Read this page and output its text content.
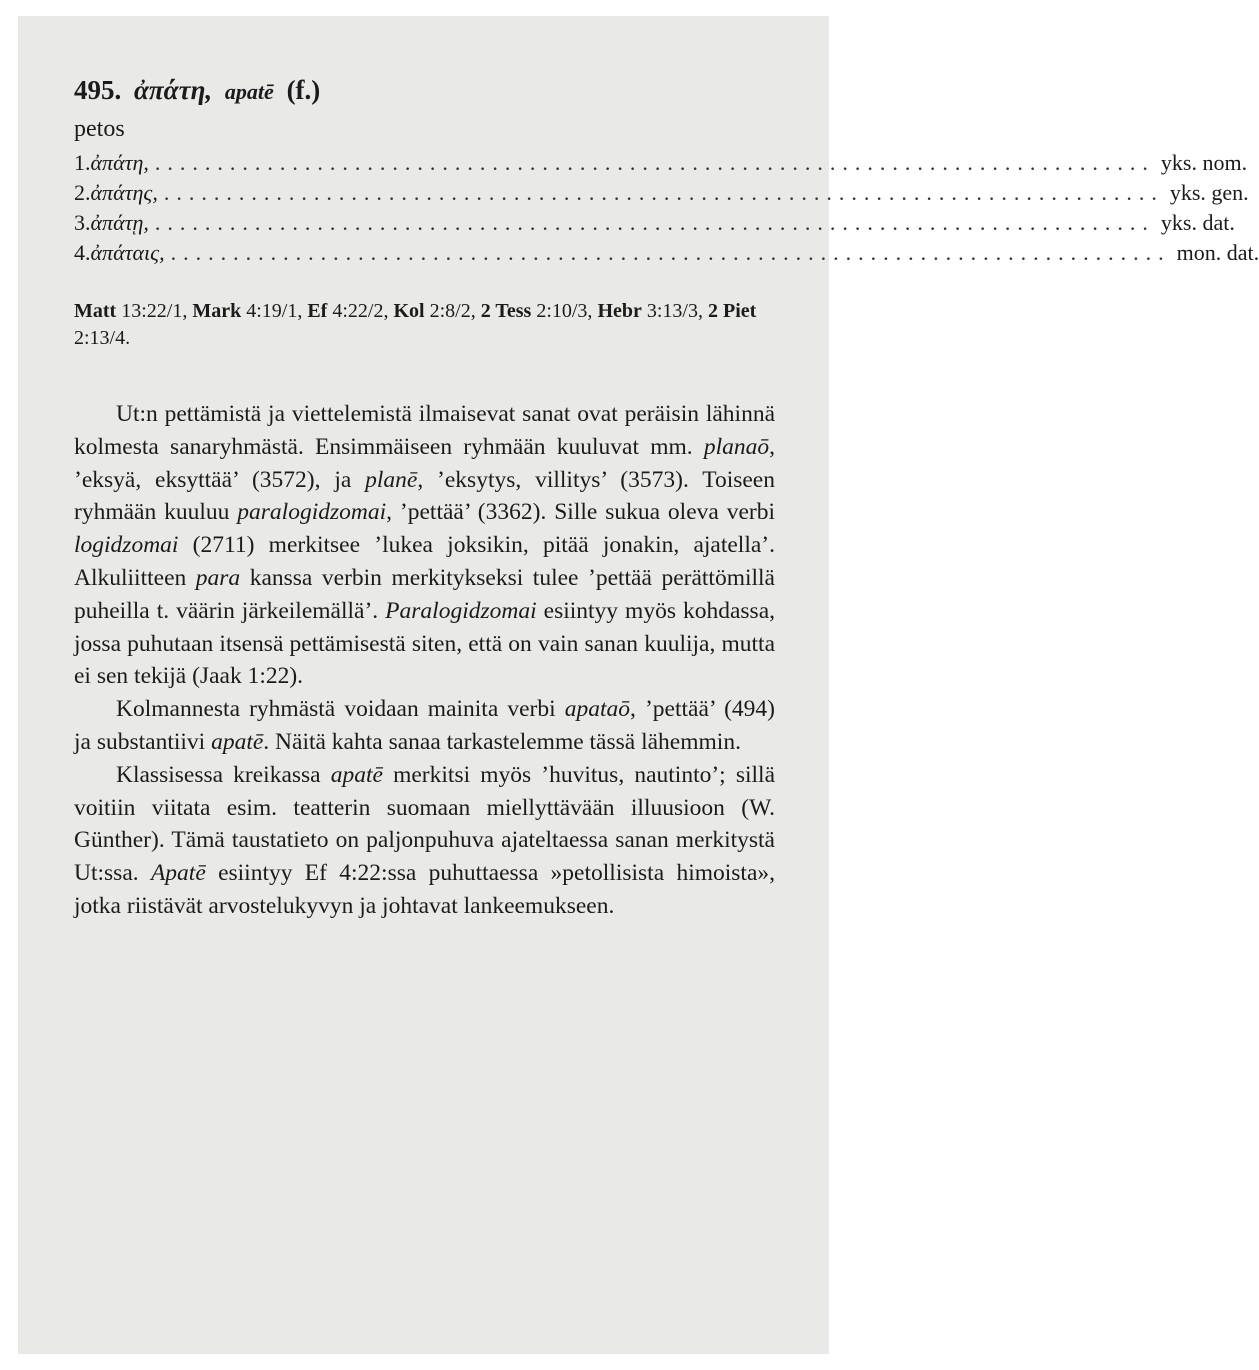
495. ἀπάτη, apatē (f.)

petos

1. ἀπάτη, ................................................................................ yks. nom.
2. ἀπάτης, ................................................................................ yks. gen.
3. ἀπάτῃ, ................................................................................ yks. dat.
4. ἀπάταις, ................................................................................ mon. dat.

Matt 13:22/1, Mark 4:19/1, Ef 4:22/2, Kol 2:8/2, 2 Tess 2:10/3, Hebr 3:13/3, 2 Piet 2:13/4.

Ut:n pettämistä ja viettelemistä ilmaisevat sanat ovat peräisin lähinnä kolmesta sanaryhmästä. Ensimmäiseen ryhmään kuuluvat mm. planaō, ’eksyä, eksyttää’ (3572), ja planē, ’eksytys, villitys’ (3573). Toiseen ryhmään kuuluu paralogidzomai, ’pettää’ (3362). Sille sukua oleva verbi logidzomai (2711) merkitsee ’lukea joksikin, pitää jonakin, ajatella’. Alkuliitteen para kanssa verbin merkitykseksi tulee ’pettää perättömillä puheilla t. väärin järkeilemällä’. Paralogidzomai esiintyy myös kohdassa, jossa puhutaan itsensä pettämisestä siten, että on vain sanan kuulija, mutta ei sen tekijä (Jaak 1:22).

Kolmannesta ryhmästä voidaan mainita verbi apataō, ’pettää’ (494) ja substantiivi apatē. Näitä kahta sanaa tarkastelemme tässä lähemmin.

Klassisessa kreikassa apatē merkitsi myös ’huvitus, nautinto’; sillä voitiin viitata esim. teatterin suomaan miellyttävään illuusioon (W. Günther). Tämä taustatieto on paljonpuhuva ajateltaessa sanan merkitystä Ut:ssa. Apatē esiintyy Ef 4:22:ssa puhuttaessa »petollisista himoista», jotka riistävät arvostelukyvyn ja johtavat lankeemukseen.
